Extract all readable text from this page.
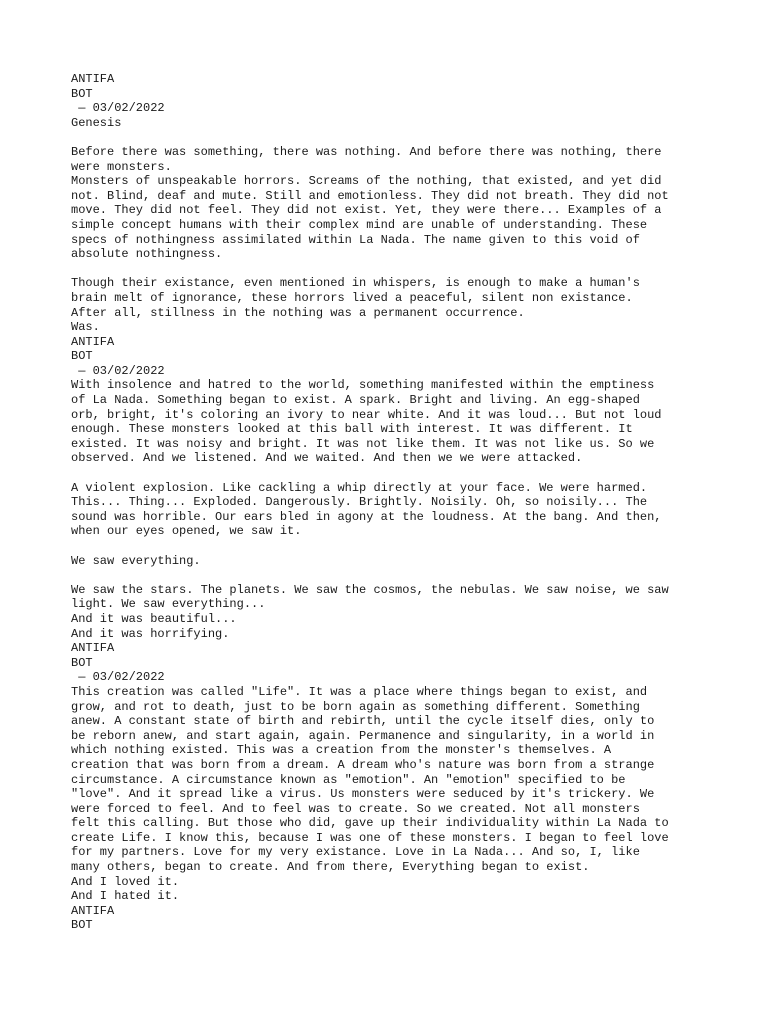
ANTIFA
BOT
— 03/02/2022
Genesis
Before there was something, there was nothing. And before there was nothing, there
were monsters.
Monsters of unspeakable horrors. Screams of the nothing, that existed, and yet did
not. Blind, deaf and mute. Still and emotionless. They did not breath. They did not
move. They did not feel. They did not exist. Yet, they were there... Examples of a
simple concept humans with their complex mind are unable of understanding. These
specs of nothingness assimilated within La Nada. The name given to this void of
absolute nothingness.
Though their existance, even mentioned in whispers, is enough to make a human's
brain melt of ignorance, these horrors lived a peaceful, silent non existance.
After all, stillness in the nothing was a permanent occurrence.
Was.
ANTIFA
BOT
— 03/02/2022
With insolence and hatred to the world, something manifested within the emptiness
of La Nada. Something began to exist. A spark. Bright and living. An egg-shaped
orb, bright, it's coloring an ivory to near white. And it was loud... But not loud
enough. These monsters looked at this ball with interest. It was different. It
existed. It was noisy and bright. It was not like them. It was not like us. So we
observed. And we listened. And we waited. And then we we were attacked.
A violent explosion. Like cackling a whip directly at your face. We were harmed.
This... Thing... Exploded. Dangerously. Brightly. Noisily. Oh, so noisily... The
sound was horrible. Our ears bled in agony at the loudness. At the bang. And then,
when our eyes opened, we saw it.
We saw everything.
We saw the stars. The planets. We saw the cosmos, the nebulas. We saw noise, we saw
light. We saw everything...
And it was beautiful...
And it was horrifying.
ANTIFA
BOT
— 03/02/2022
This creation was called "Life". It was a place where things began to exist, and
grow, and rot to death, just to be born again as something different. Something
anew. A constant state of birth and rebirth, until the cycle itself dies, only to
be reborn anew, and start again, again. Permanence and singularity, in a world in
which nothing existed. This was a creation from the monster's themselves. A
creation that was born from a dream. A dream who's nature was born from a strange
circumstance. A circumstance known as "emotion". An "emotion" specified to be
"love". And it spread like a virus. Us monsters were seduced by it's trickery. We
were forced to feel. And to feel was to create. So we created. Not all monsters
felt this calling. But those who did, gave up their individuality within La Nada to
create Life. I know this, because I was one of these monsters. I began to feel love
for my partners. Love for my very existance. Love in La Nada... And so, I, like
many others, began to create. And from there, Everything began to exist.
And I loved it.
And I hated it.
ANTIFA
BOT
